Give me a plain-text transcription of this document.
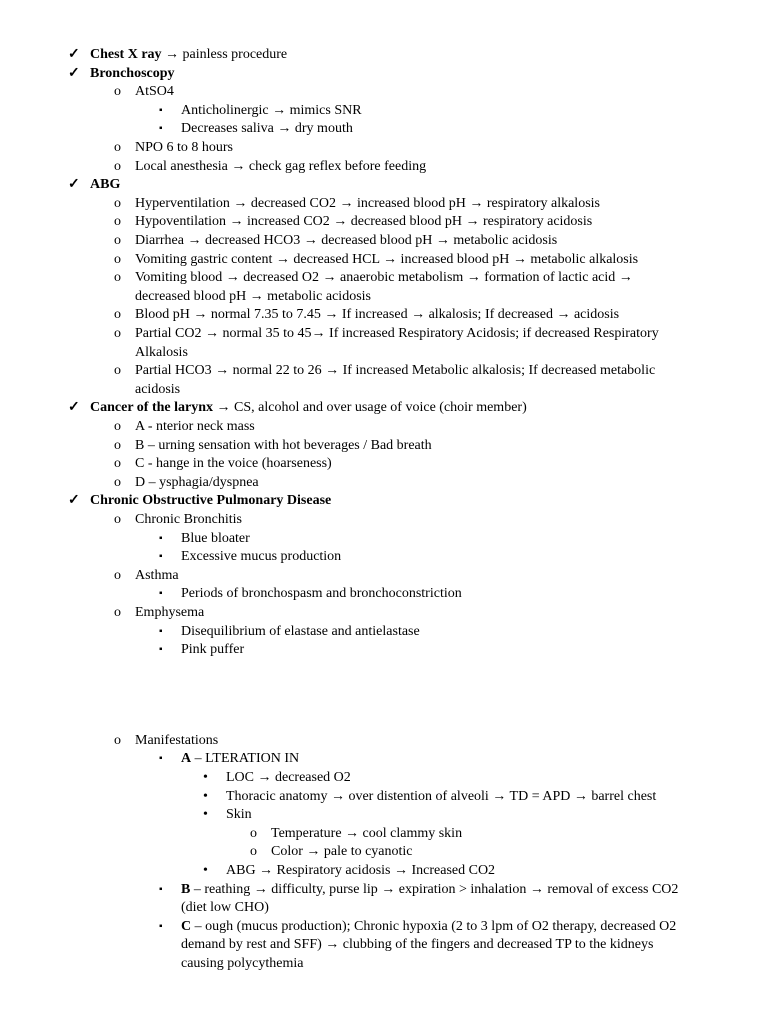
✓ Chest X ray → painless procedure
✓ Bronchoscopy
o AtSO4
▪ Anticholinergic → mimics SNR
▪ Decreases saliva → dry mouth
o NPO 6 to 8 hours
o Local anesthesia → check gag reflex before feeding
✓ ABG
o Hyperventilation → decreased CO2 → increased blood pH → respiratory alkalosis
o Hypoventilation → increased CO2 → decreased blood pH → respiratory acidosis
o Diarrhea → decreased HCO3 → decreased blood pH → metabolic acidosis
o Vomiting gastric content → decreased HCL → increased blood pH → metabolic alkalosis
o Vomiting blood → decreased O2 → anaerobic metabolism → formation of lactic acid →
decreased blood pH → metabolic acidosis
o Blood pH → normal 7.35 to 7.45 → If increased → alkalosis; If decreased → acidosis
o Partial CO2 → normal 35 to 45→ If increased Respiratory Acidosis; if decreased Respiratory
Alkalosis
o Partial HCO3 → normal 22 to 26 → If increased Metabolic alkalosis; If decreased metabolic
acidosis
✓ Cancer of the larynx → CS, alcohol and over usage of voice (choir member)
o A - nterior neck mass
o B – urning sensation with hot beverages / Bad breath
o C - hange in the voice (hoarseness)
o D – ysphagia/dyspnea
✓ Chronic Obstructive Pulmonary Disease
o Chronic Bronchitis
▪ Blue bloater
▪ Excessive mucus production
o Asthma
▪ Periods of bronchospasm and bronchoconstriction
o Emphysema
▪ Disequilibrium of elastase and antielastase
▪ Pink puffer
o Manifestations
▪ A – LTERATION IN
• LOC → decreased O2
• Thoracic anatomy → over distention of alveoli → TD = APD → barrel chest
• Skin
o Temperature → cool clammy skin
o Color → pale to cyanotic
• ABG → Respiratory acidosis → Increased CO2
▪ B – reathing → difficulty, purse lip → expiration > inhalation → removal of excess CO2
(diet low CHO)
▪ C – ough (mucus production); Chronic hypoxia (2 to 3 lpm of O2 therapy, decreased O2
demand by rest and SFF) → clubbing of the fingers and decreased TP to the kidneys
causing polycythemia
